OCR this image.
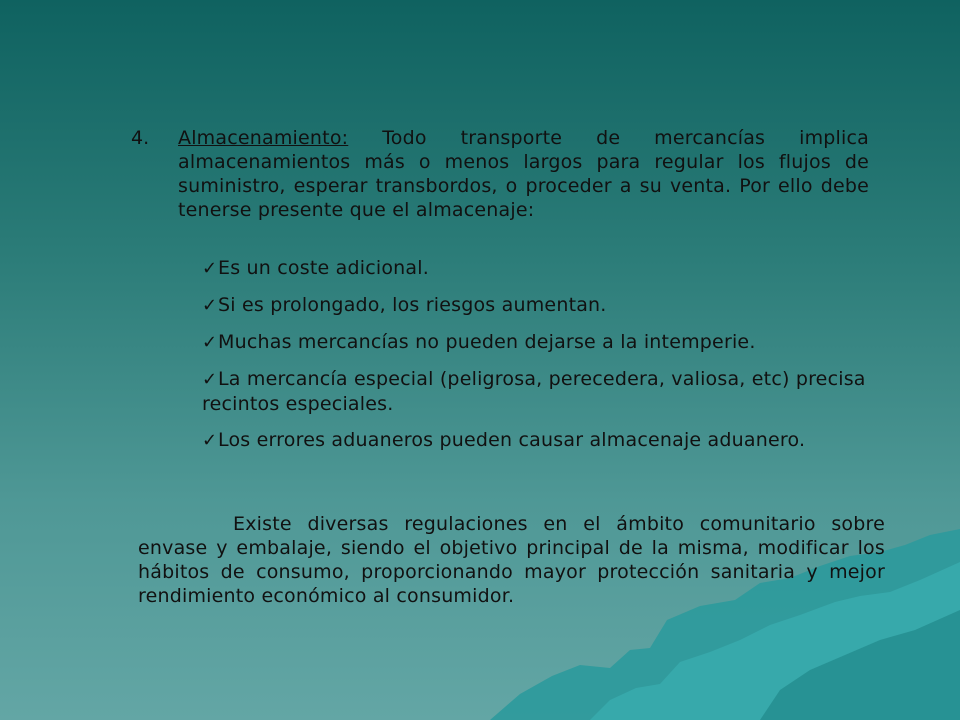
4. Almacenamiento: Todo transporte de mercancías implica almacenamientos más o menos largos para regular los flujos de suministro, esperar transbordos, o proceder a su venta. Por ello debe tenerse presente que el almacenaje:
✓Es un coste adicional.
✓Si es prolongado, los riesgos aumentan.
✓Muchas mercancías no pueden dejarse a la intemperie.
✓La mercancía especial (peligrosa, perecedera, valiosa, etc) precisa recintos especiales.
✓Los errores aduaneros pueden causar almacenaje aduanero.
Existe diversas regulaciones en el ámbito comunitario sobre envase y embalaje, siendo el objetivo principal de la misma, modificar los hábitos de consumo, proporcionando mayor protección sanitaria y mejor rendimiento económico al consumidor.
